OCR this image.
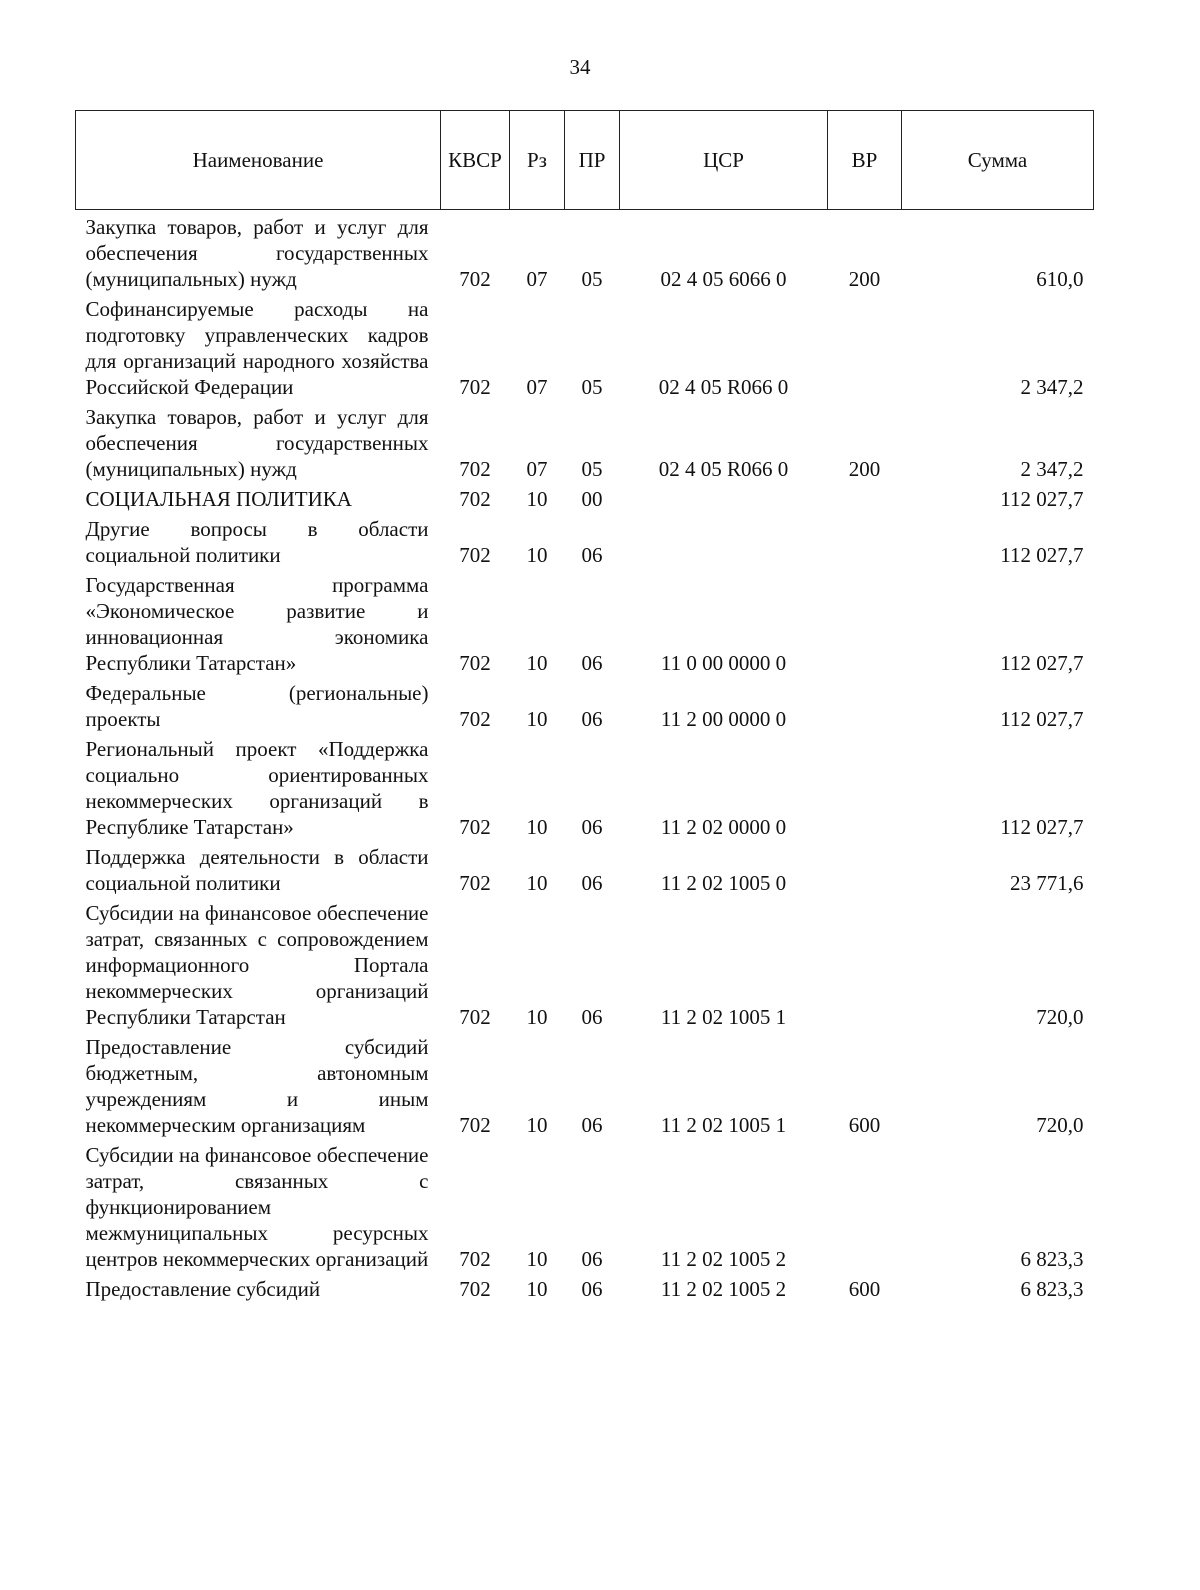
34
Наименование	КВСР	Рз	ПР	ЦСР	ВР	Сумма
Закупка товаров, работ и услуг для обеспечения государственных (муниципальных) нужд	702	07	05	02 4 05 6066 0	200	610,0
Софинансируемые расходы на подготовку управленческих кадров для организаций народного хозяйства Российской Федерации	702	07	05	02 4 05 R066 0		2 347,2
Закупка товаров, работ и услуг для обеспечения государственных (муниципальных) нужд	702	07	05	02 4 05 R066 0	200	2 347,2
СОЦИАЛЬНАЯ ПОЛИТИКА	702	10	00			112 027,7
Другие вопросы в области социальной политики	702	10	06			112 027,7
Государственная программа «Экономическое развитие и инновационная экономика Республики Татарстан»	702	10	06	11 0 00 0000 0		112 027,7
Федеральные (региональные) проекты	702	10	06	11 2 00 0000 0		112 027,7
Региональный проект «Поддержка социально ориентированных некоммерческих организаций в Республике Татарстан»	702	10	06	11 2 02 0000 0		112 027,7
Поддержка деятельности в области социальной политики	702	10	06	11 2 02 1005 0		23 771,6
Субсидии на финансовое обеспечение затрат, связанных с сопровождением информационного Портала некоммерческих организаций Республики Татарстан	702	10	06	11 2 02 1005 1		720,0
Предоставление субсидий бюджетным, автономным учреждениям и иным некоммерческим организациям	702	10	06	11 2 02 1005 1	600	720,0
Субсидии на финансовое обеспечение затрат, связанных с функционированием межмуниципальных ресурсных центров некоммерческих организаций	702	10	06	11 2 02 1005 2		6 823,3
Предоставление субсидий	702	10	06	11 2 02 1005 2	600	6 823,3
